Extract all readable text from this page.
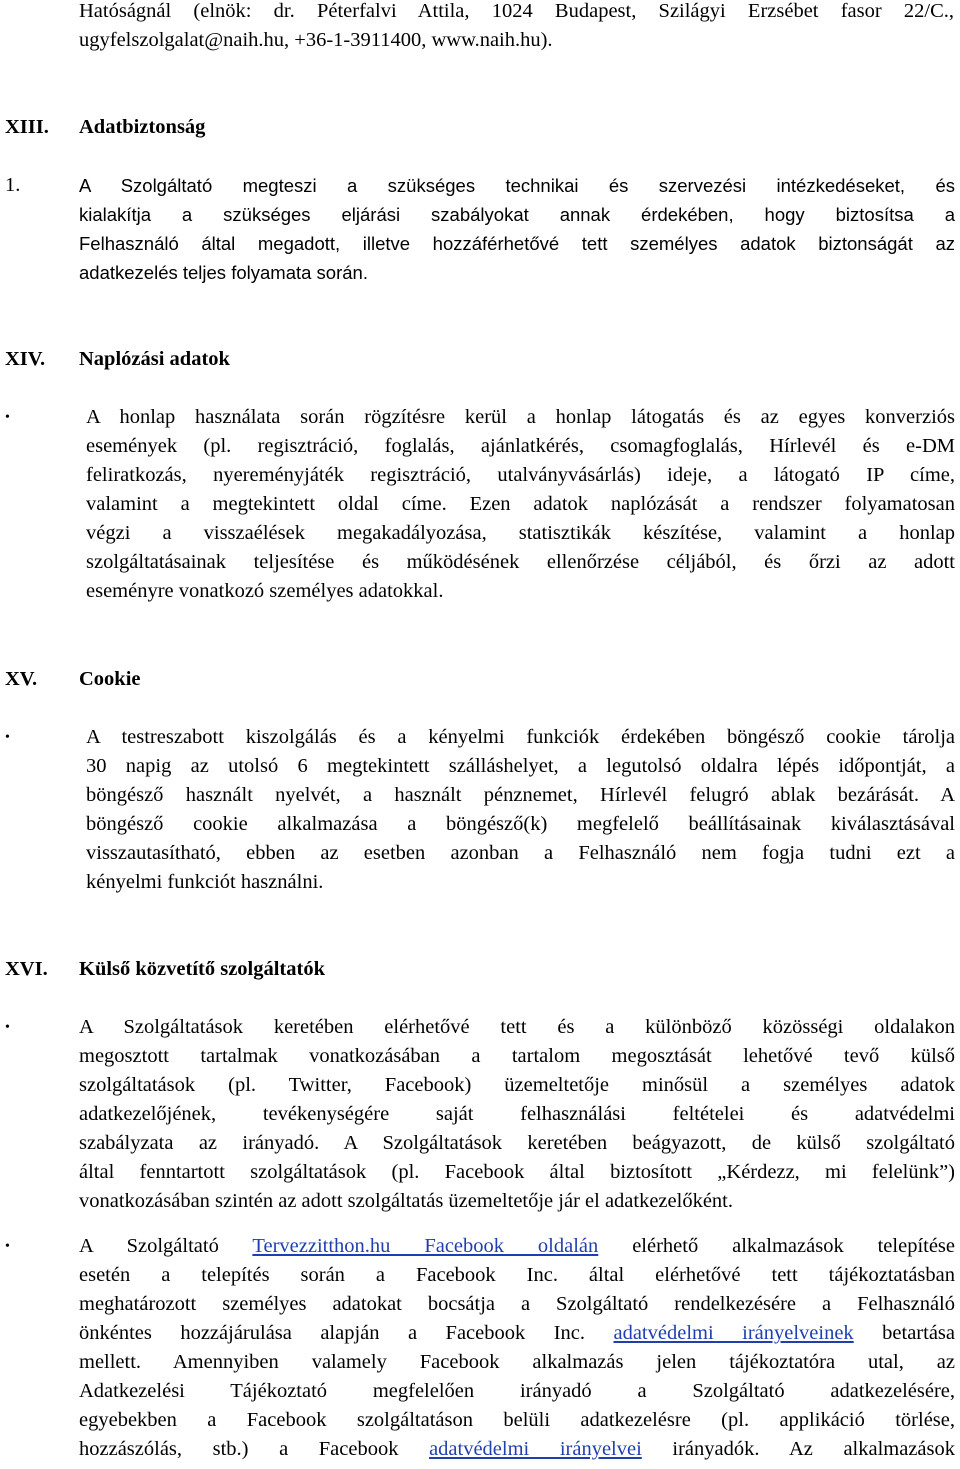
Hatóságnál (elnök: dr. Péterfalvi Attila, 1024 Budapest, Szilágyi Erzsébet fasor 22/C.,
ugyfelszolgalat@naih.hu, +36-1-3911400, www.naih.hu).
XIII. Adatbiztonság
1.	A Szolgáltató megteszi a szükséges technikai és szervezési intézkedéseket, és
kialakítja a szükséges eljárási szabályokat annak érdekében, hogy biztosítsa a
Felhasználó által megadott, illetve hozzáférhetővé tett személyes adatok biztonságát az
adatkezelés teljes folyamata során.
XIV. Naplózási adatok
•	A honlap használata során rögzítésre kerül a honlap látogatás és az egyes konverziós
események (pl. regisztráció, foglalás, ajánlatkérés, csomagfoglalás, Hírlevél és e-DM
feliratkozás, nyereményjáték regisztráció, utalványvásárlás) ideje, a látogató IP címe,
valamint a megtekintett oldal címe. Ezen adatok naplózását a rendszer folyamatosan
végzi a visszaélések megakadályozása, statisztikák készítése, valamint a honlap
szolgáltatásainak teljesítése és működésének ellenőrzése céljából, és őrzi az adott
eseményre vonatkozó személyes adatokkal.
XV. Cookie
•	A testreszabott kiszolgálás és a kényelmi funkciók érdekében böngésző cookie tárolja
30 napig az utolsó 6 megtekintett szálláshelyet, a legutolsó oldalra lépés időpontját, a
böngésző használt nyelvét, a használt pénznemet, Hírlevél felugró ablak bezárását. A
böngésző cookie alkalmazása a böngésző(k) megfelelő beállításainak kiválasztásával
visszautasítható, ebben az esetben azonban a Felhasználó nem fogja tudni ezt a
kényelmi funkciót használni.
XVI. Külső közvetítő szolgáltatók
•	A Szolgáltatások keretében elérhetővé tett és a különböző közösségi oldalakon
megosztott tartalmak vonatkozásában a tartalom megosztását lehetővé tevő külső
szolgáltatások (pl. Twitter, Facebook) üzemeltetője minősül a személyes adatok
adatkezelőjének, tevékenységére saját felhasználási feltételei és adatvédelmi
szabályzata az irányadó. A Szolgáltatások keretében beágyazott, de külső szolgáltató
által fenntartott szolgáltatások (pl. Facebook által biztosított „Kérdezz, mi felelünk”)
vonatkozásában szintén az adott szolgáltatás üzemeltetője jár el adatkezelőként.
•	A Szolgáltató Tervezzitthon.hu Facebook oldalán elérhető alkalmazások telepítése
esetén a telepítés során a Facebook Inc. által elérhetővé tett tájékoztatásban
meghatározott személyes adatokat bocsátja a Szolgáltató rendelkezésére a Felhasználó
önkéntes hozzájárulása alapján a Facebook Inc. adatvédelmi irányelveinek betartása
mellett. Amennyiben valamely Facebook alkalmazás jelen tájékoztatóra utal, az
Adatkezelési Tájékoztató megfelelően irányadó a Szolgáltató adatkezelésére,
egyebekben a Facebook szolgáltatáson belüli adatkezelésre (pl. applikáció törlése,
hozzászólás, stb.) a Facebook adatvédelmi irányelvei irányadók. Az alkalmazások
